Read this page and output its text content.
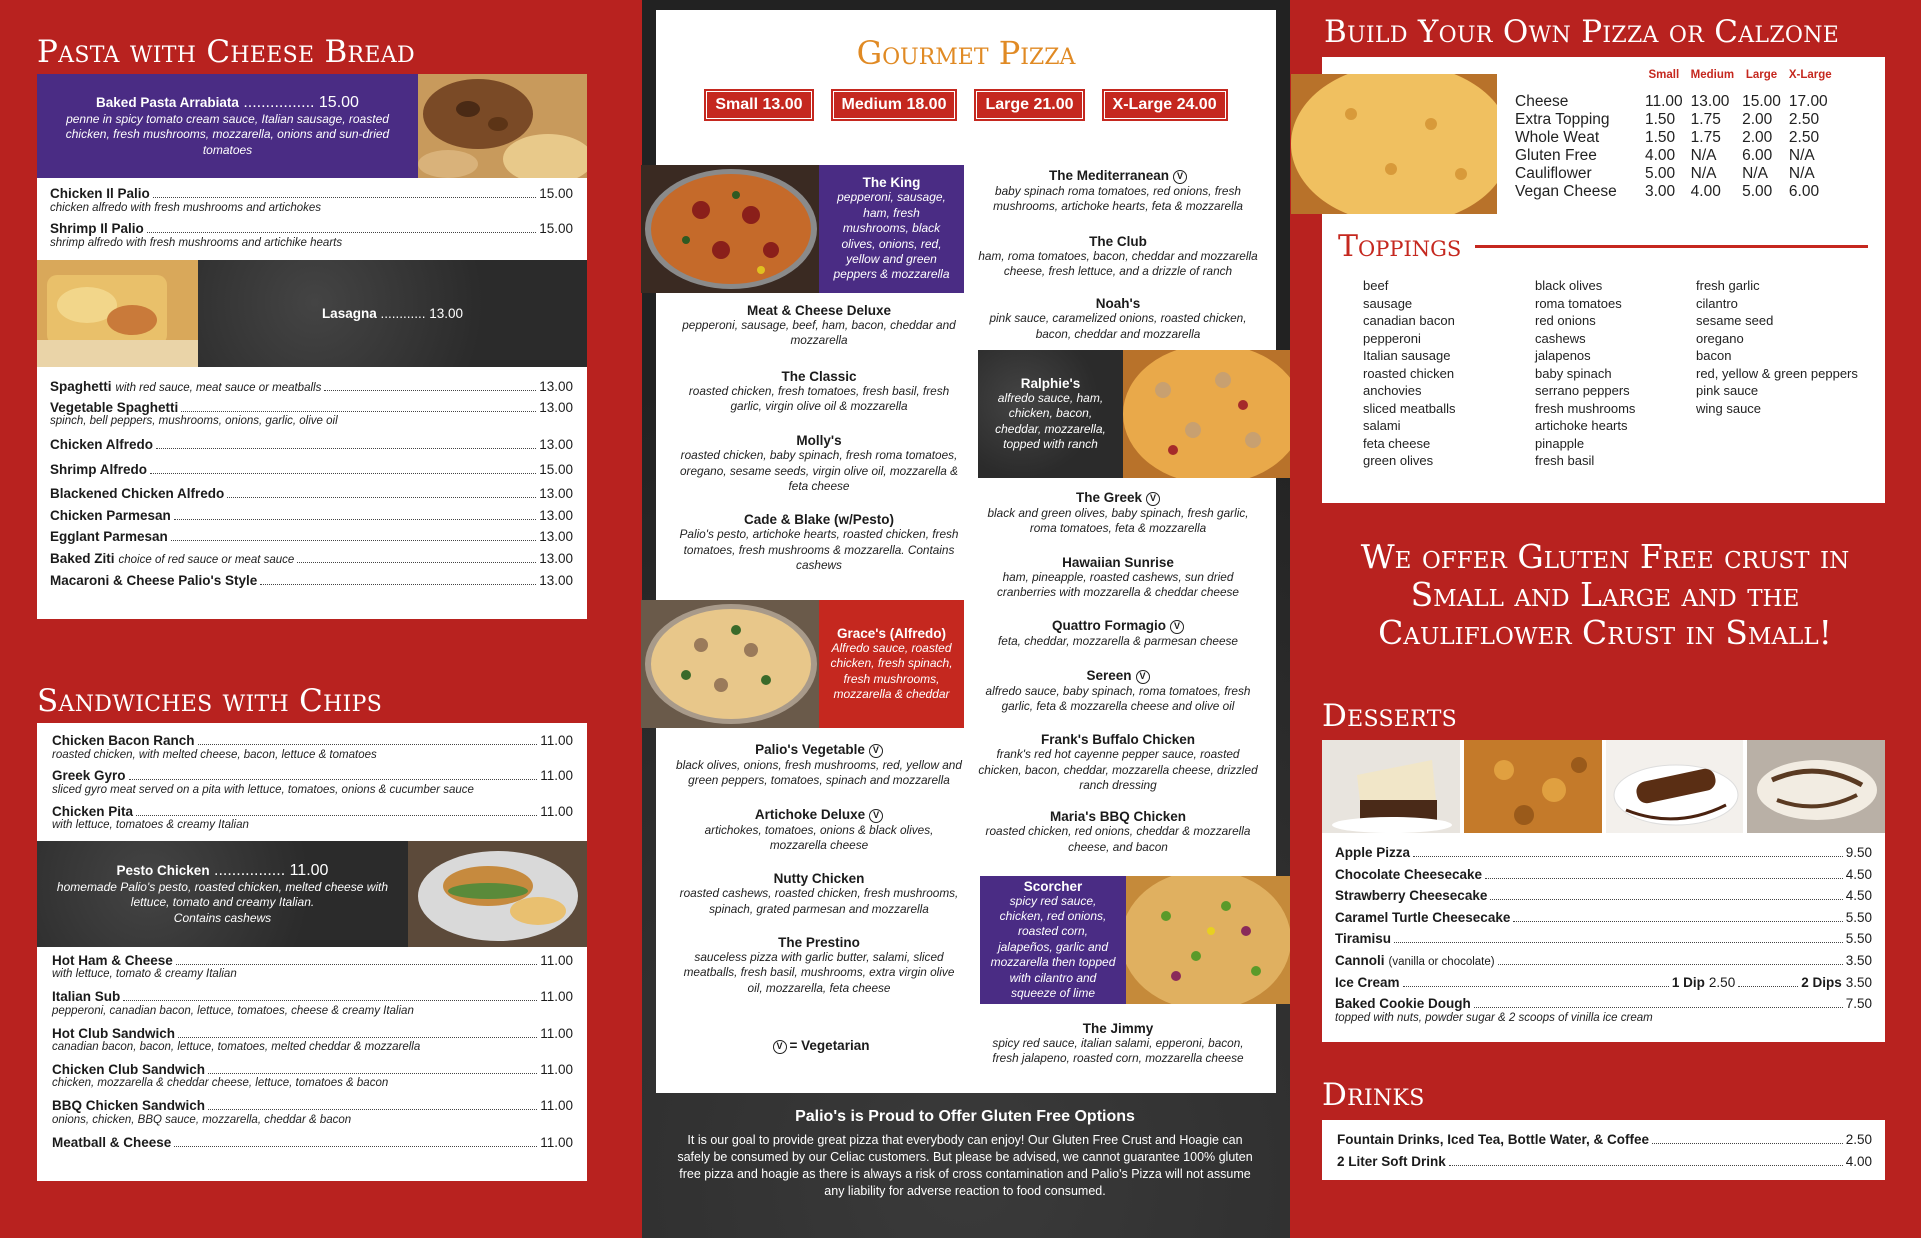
Pasta with Cheese Bread
Baked Pasta Arrabiata ................ 15.00
penne in spicy tomato cream sauce, Italian sausage, roasted chicken, fresh mushrooms, mozzarella, onions and sun-dried tomatoes
Chicken Il Palio	15.00
chicken alfredo with fresh mushrooms and artichokes
Shrimp Il Palio	15.00
shrimp alfredo with fresh mushrooms and artichike hearts
Lasagna ............ 13.00
Spaghetti with red sauce, meat sauce or meatballs	13.00
Vegetable Spaghetti	13.00
spinch, bell peppers, mushrooms, onions, garlic, olive oil
Chicken Alfredo	13.00
Shrimp Alfredo	15.00
Blackened Chicken Alfredo	13.00
Chicken Parmesan	13.00
Egglant Parmesan	13.00
Baked Ziti choice of red sauce or meat sauce	13.00
Macaroni & Cheese Palio's Style	13.00
Sandwiches with Chips
Chicken Bacon Ranch	11.00
roasted chicken, with melted cheese, bacon, lettuce & tomatoes
Greek Gyro	11.00
sliced gyro meat served on a pita with lettuce, tomatoes, onions & cucumber sauce
Chicken Pita	11.00
with lettuce, tomatoes & creamy Italian
Pesto Chicken ................ 11.00
homemade Palio's pesto, roasted chicken, melted cheese with lettuce, tomato and creamy Italian.
Contains cashews
Hot Ham & Cheese	11.00
with lettuce, tomato & creamy Italian
Italian Sub	11.00
pepperoni, canadian bacon, lettuce, tomatoes, cheese & creamy Italian
Hot Club Sandwich	11.00
canadian bacon, bacon, lettuce, tomatoes, melted cheddar & mozzarella
Chicken Club Sandwich	11.00
chicken, mozzarella & cheddar cheese, lettuce, tomatoes & bacon
BBQ Chicken Sandwich	11.00
onions, chicken, BBQ sauce, mozzarella, cheddar & bacon
Meatball & Cheese	11.00
Gourmet Pizza
Small 13.00	Medium 18.00	Large 21.00	X-Large 24.00
The King
pepperoni, sausage, ham, fresh mushrooms, black olives, onions, red, yellow and green peppers & mozzarella
Meat & Cheese Deluxe
pepperoni, sausage, beef, ham, bacon, cheddar and mozzarella
The Classic
roasted chicken, fresh tomatoes, fresh basil, fresh garlic, virgin olive oil & mozzarella
Molly's
roasted chicken, baby spinach, fresh roma tomatoes, oregano, sesame seeds, virgin olive oil, mozzarella & feta cheese
Cade & Blake (w/Pesto)
Palio's pesto, artichoke hearts, roasted chicken, fresh tomatoes, fresh mushrooms & mozzarella. Contains cashews
Grace's (Alfredo)
Alfredo sauce, roasted chicken, fresh spinach, fresh mushrooms, mozzarella & cheddar
Palio's Vegetable V
black olives, onions, fresh mushrooms, red, yellow and green peppers, tomatoes, spinach and mozzarella
Artichoke Deluxe V
artichokes, tomatoes, onions & black olives, mozzarella cheese
Nutty Chicken
roasted cashews, roasted chicken, fresh mushrooms, spinach, grated parmesan and mozzarella
The Prestino
sauceless pizza with garlic butter, salami, sliced meatballs, fresh basil, mushrooms, extra virgin olive oil, mozzarella, feta cheese
V = Vegetarian
The Mediterranean V
baby spinach roma tomatoes, red onions, fresh mushrooms, artichoke hearts, feta & mozzarella
The Club
ham, roma tomatoes, bacon, cheddar and mozzarella cheese, fresh lettuce, and a drizzle of ranch
Noah's
pink sauce, caramelized onions, roasted chicken, bacon, cheddar and mozzarella
Ralphie's
alfredo sauce, ham, chicken, bacon, cheddar, mozzarella, topped with ranch
The Greek V
black and green olives, baby spinach, fresh garlic, roma tomatoes, feta & mozzarella
Hawaiian Sunrise
ham, pineapple, roasted cashews, sun dried cranberries with mozzarella & cheddar cheese
Quattro Formagio V
feta, cheddar, mozzarella & parmesan cheese
Sereen V
alfredo sauce, baby spinach, roma tomatoes, fresh garlic, feta & mozzarella cheese and olive oil
Frank's Buffalo Chicken
frank's red hot cayenne pepper sauce, roasted chicken, bacon, cheddar, mozzarella cheese, drizzled ranch dressing
Maria's BBQ Chicken
roasted chicken, red onions, cheddar & mozzarella cheese, and bacon
Scorcher
spicy red sauce, chicken, red onions, roasted corn, jalapeños, garlic and mozzarella then topped with cilantro and squeeze of lime
The Jimmy
spicy red sauce, italian salami, epperoni, bacon, fresh jalapeno, roasted corn, mozzarella cheese
Palio's is Proud to Offer Gluten Free Options
It is our goal to provide great pizza that everybody can enjoy! Our Gluten Free Crust and Hoagie can safely be consumed by our Celiac customers. But please be advised, we cannot guarantee 100% gluten free pizza and hoagie as there is always a risk of cross contamination and Palio's Pizza will not assume any liability for adverse reaction to food consumed.
Build Your Own Pizza or Calzone
	Small	Medium	Large	X-Large
Cheese	11.00	13.00	15.00	17.00
Extra Topping	1.50	1.75	2.00	2.50
Whole Weat	1.50	1.75	2.00	2.50
Gluten Free	4.00	N/A	6.00	N/A
Cauliflower	5.00	N/A	N/A	N/A
Vegan Cheese	3.00	4.00	5.00	6.00
Toppings
beef
sausage
canadian bacon
pepperoni
Italian sausage
roasted chicken
anchovies
sliced meatballs
salami
feta cheese
green olives
black olives
roma tomatoes
red onions
cashews
jalapenos
baby spinach
serrano peppers
fresh mushrooms
artichoke hearts
pinapple
fresh basil
fresh garlic
cilantro
sesame seed
oregano
bacon
red, yellow & green peppers
pink sauce
wing sauce
We offer Gluten Free crust in Small and Large and the Cauliflower Crust in Small!
Desserts
Apple Pizza	9.50
Chocolate Cheesecake	4.50
Strawberry Cheesecake	4.50
Caramel Turtle Cheesecake	5.50
Tiramisu	5.50
Cannoli (vanilla or chocolate)	3.50
Ice Cream	1 Dip 2.50	2 Dips 3.50
Baked Cookie Dough	7.50
topped with nuts, powder sugar & 2 scoops of vinilla ice cream
Drinks
Fountain Drinks, Iced Tea, Bottle Water, & Coffee	2.50
2 Liter Soft Drink	4.00
